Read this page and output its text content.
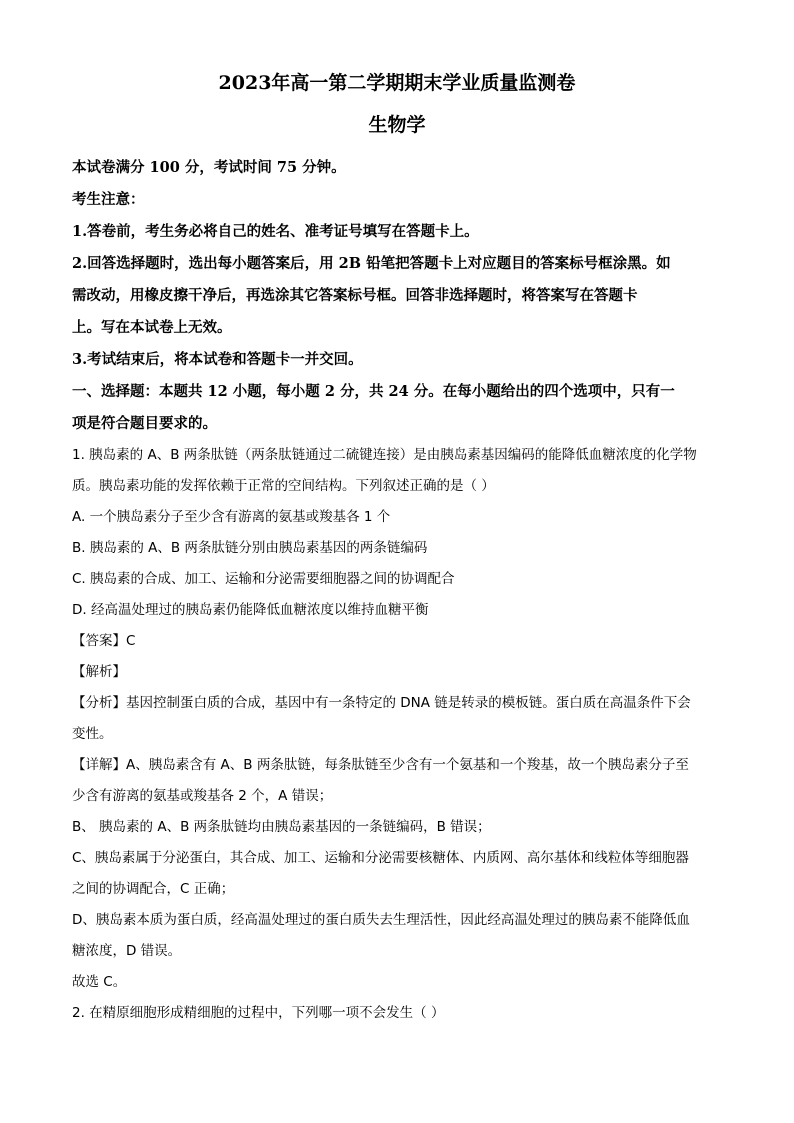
2023年高一第二学期期末学业质量监测卷
生物学
本试卷满分 100 分，考试时间 75 分钟。
考生注意：
1.答卷前，考生务必将自己的姓名、准考证号填写在答题卡上。
2.回答选择题时，选出每小题答案后，用 2B 铅笔把答题卡上对应题目的答案标号框涂黑。如
需改动，用橡皮擦干净后，再选涂其它答案标号框。回答非选择题时，将答案写在答题卡
上。写在本试卷上无效。
3.考试结束后，将本试卷和答题卡一并交回。
一、选择题：本题共 12 小题，每小题 2 分，共 24 分。在每小题给出的四个选项中，只有一
项是符合题目要求的。
1. 胰岛素的 A、B 两条肽链（两条肽链通过二硫键连接）是由胰岛素基因编码的能降低血糖浓度的化学物
质。胰岛素功能的发挥依赖于正常的空间结构。下列叙述正确的是（ ）
A. 一个胰岛素分子至少含有游离的氨基或羧基各 1 个
B. 胰岛素的 A、B 两条肽链分别由胰岛素基因的两条链编码
C. 胰岛素的合成、加工、运输和分泌需要细胞器之间的协调配合
D. 经高温处理过的胰岛素仍能降低血糖浓度以维持血糖平衡
【答案】C
【解析】
【分析】基因控制蛋白质的合成，基因中有一条特定的 DNA 链是转录的模板链。蛋白质在高温条件下会
变性。
【详解】A、胰岛素含有 A、B 两条肽链，每条肽链至少含有一个氨基和一个羧基，故一个胰岛素分子至
少含有游离的氨基或羧基各 2 个，A 错误；
B、 胰岛素的 A、B 两条肽链均由胰岛素基因的一条链编码，B 错误；
C、胰岛素属于分泌蛋白，其合成、加工、运输和分泌需要核糖体、内质网、高尔基体和线粒体等细胞器
之间的协调配合，C 正确；
D、胰岛素本质为蛋白质，经高温处理过的蛋白质失去生理活性，因此经高温处理过的胰岛素不能降低血
糖浓度，D 错误。
故选 C。
2. 在精原细胞形成精细胞的过程中，下列哪一项不会发生（ ）
